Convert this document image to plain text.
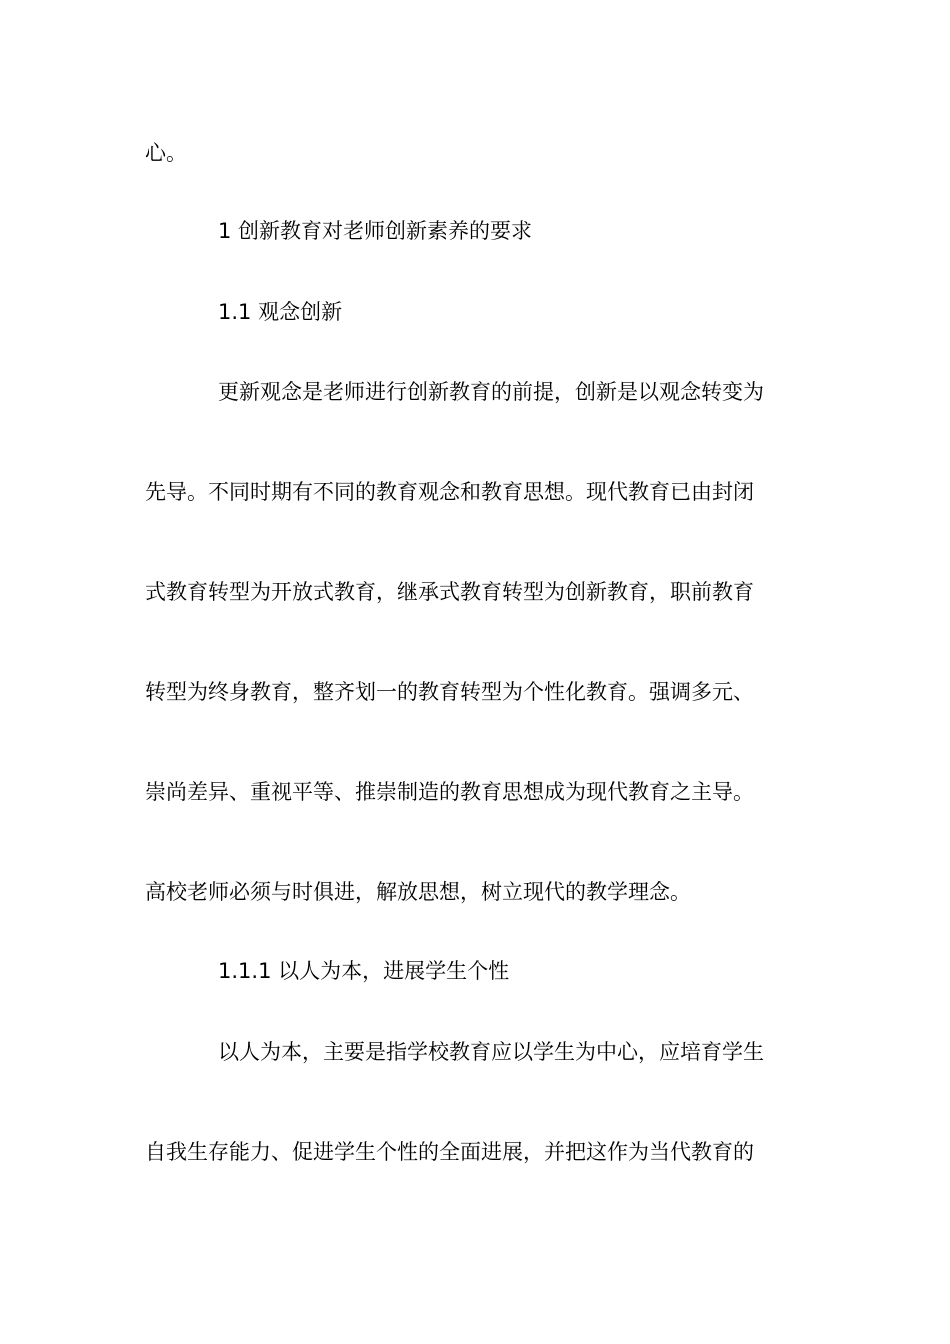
心。
1 创新教育对老师创新素养的要求
1.1 观念创新
更新观念是老师进行创新教育的前提，创新是以观念转变为
先导。不同时期有不同的教育观念和教育思想。现代教育已由封闭
式教育转型为开放式教育，继承式教育转型为创新教育，职前教育
转型为终身教育，整齐划一的教育转型为个性化教育。强调多元、
崇尚差异、重视平等、推崇制造的教育思想成为现代教育之主导。
高校老师必须与时俱进，解放思想，树立现代的教学理念。
1.1.1 以人为本，进展学生个性
以人为本，主要是指学校教育应以学生为中心，应培育学生
自我生存能力、促进学生个性的全面进展，并把这作为当代教育的
